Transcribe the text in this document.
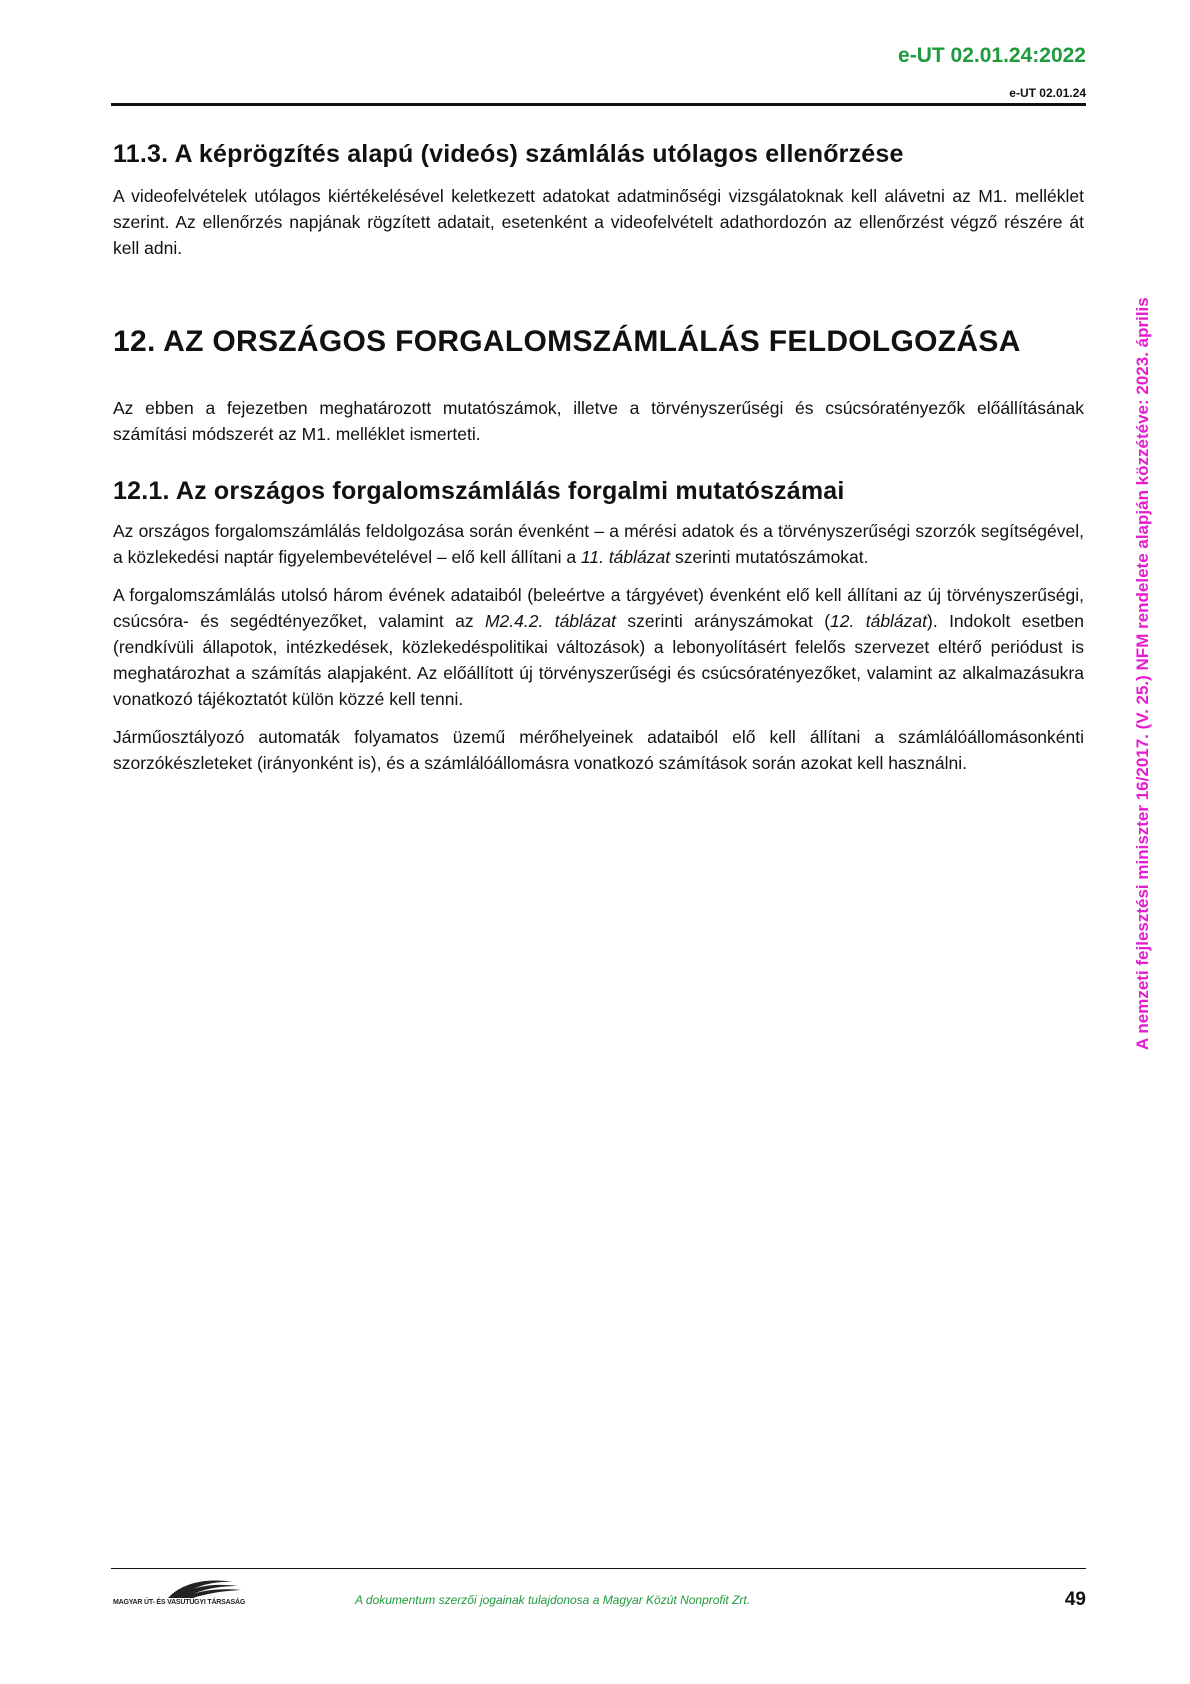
e-UT 02.01.24:2022
e-UT 02.01.24
11.3. A képrögzítés alapú (videós) számlálás utólagos ellenőrzése

A videofelvételek utólagos kiértékelésével keletkezett adatokat adatminőségi vizsgálatoknak kell alávetni az M1. melléklet szerint. Az ellenőrzés napjának rögzített adatait, esetenként a videofelvételt adathordozón az ellenőrzést végző részére át kell adni.

12. AZ ORSZÁGOS FORGALOMSZÁMLÁLÁS FELDOLGOZÁSA

Az ebben a fejezetben meghatározott mutatószámok, illetve a törvényszerűségi és csúcsóratényezők előállításának számítási módszerét az M1. melléklet ismerteti.

12.1. Az országos forgalomszámlálás forgalmi mutatószámai

Az országos forgalomszámlálás feldolgozása során évenként – a mérési adatok és a törvényszerűségi szorzók segítségével, a közlekedési naptár figyelembevételével – elő kell állítani a 11. táblázat szerinti mutatószámokat.

A forgalomszámlálás utolsó három évének adataiból (beleértve a tárgyévet) évenként elő kell állítani az új törvényszerűségi, csúcsóra- és segédtényezőket, valamint az M2.4.2. táblázat szerinti arányszámokat (12. táblázat). Indokolt esetben (rendkívüli állapotok, intézkedések, közlekedéspolitikai változások) a lebonyolításért felelős szervezet eltérő periódust is meghatározhat a számítás alapjaként. Az előállított új törvényszerűségi és csúcsóratényezőket, valamint az alkalmazásukra vonatkozó tájékoztatót külön közzé kell tenni.

Járműosztályozó automaták folyamatos üzemű mérőhelyeinek adataiból elő kell állítani a számlálóállomásonkénti szorzókészleteket (irányonként is), és a számlálóállomásra vonatkozó számítások során azokat kell használni.	A nemzeti fejlesztési miniszter 16/2017. (V. 25.) NFM rendelete alapján közzétéve: 2023. április
MAGYAR ÚT- ÉS VASÚTÜGYI TÁRSASÁG	A dokumentum szerzői jogainak tulajdonosa a Magyar Közút Nonprofit Zrt.	49
